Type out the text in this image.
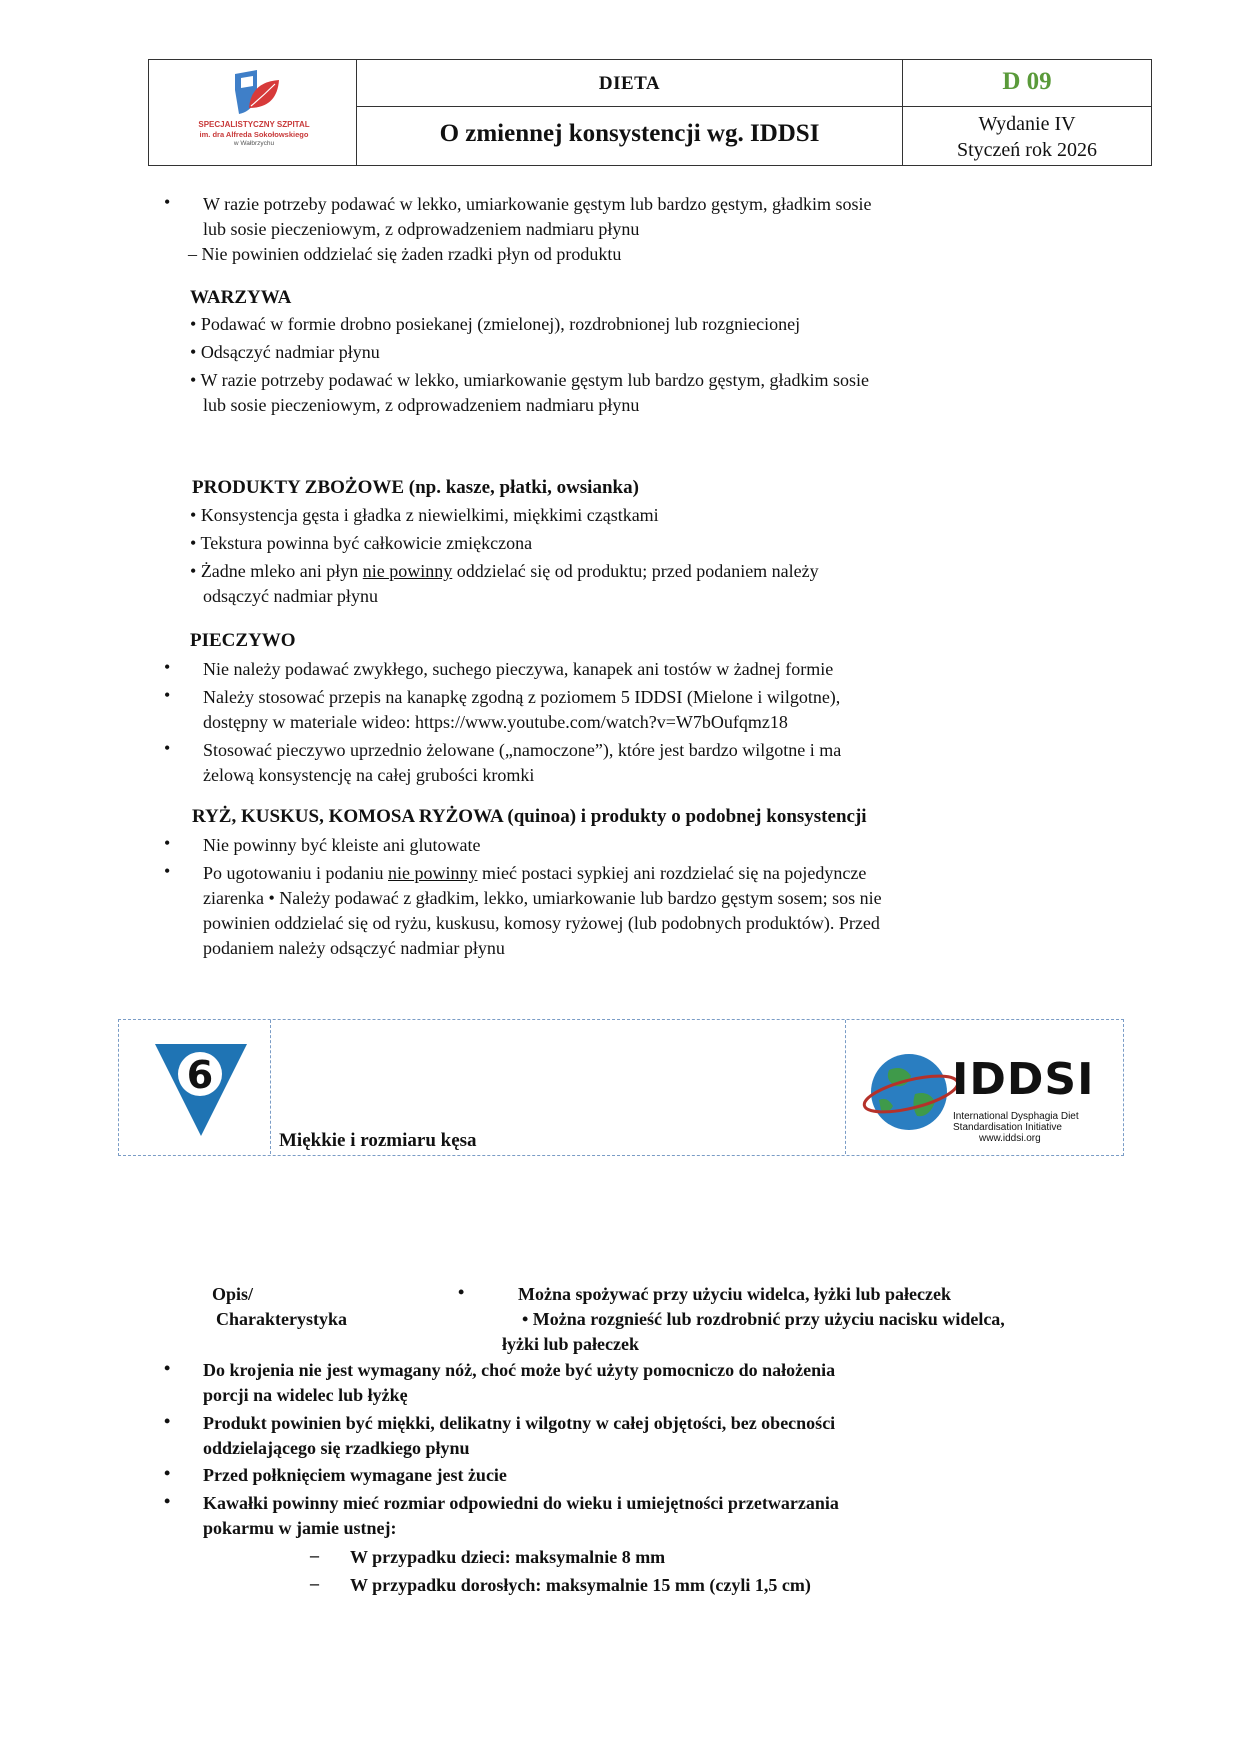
SPECJALISTYCZNY SZPITAL
im. dra Alfreda Sokołowskiego
w Wałbrzychu
DIETA
O zmiennej konsystencji wg. IDDSI
D 09
Wydanie IV
Styczeń rok 2026
• W razie potrzeby podawać w lekko, umiarkowanie gęstym lub bardzo gęstym, gładkim sosie
lub sosie pieczeniowym, z odprowadzeniem nadmiaru płynu
– Nie powinien oddzielać się żaden rzadki płyn od produktu
WARZYWA
• Podawać w formie drobno posiekanej (zmielonej), rozdrobnionej lub rozgniecionej
• Odsączyć nadmiar płynu
• W razie potrzeby podawać w lekko, umiarkowanie gęstym lub bardzo gęstym, gładkim sosie
lub sosie pieczeniowym, z odprowadzeniem nadmiaru płynu
PRODUKTY ZBOŻOWE (np. kasze, płatki, owsianka)
• Konsystencja gęsta i gładka z niewielkimi, miękkimi cząstkami
• Tekstura powinna być całkowicie zmiękczona
• Żadne mleko ani płyn nie powinny oddzielać się od produktu; przed podaniem należy
odsączyć nadmiar płynu
PIECZYWO
• Nie należy podawać zwykłego, suchego pieczywa, kanapek ani tostów w żadnej formie
• Należy stosować przepis na kanapkę zgodną z poziomem 5 IDDSI (Mielone i wilgotne),
dostępny w materiale wideo: https://www.youtube.com/watch?v=W7bOufqmz18
• Stosować pieczywo uprzednio żelowane („namoczone”), które jest bardzo wilgotne i ma
żelową konsystencję na całej grubości kromki
RYŻ, KUSKUS, KOMOSA RYŻOWA (quinoa) i produkty o podobnej konsystencji
• Nie powinny być kleiste ani glutowate
• Po ugotowaniu i podaniu nie powinny mieć postaci sypkiej ani rozdzielać się na pojedyncze
ziarenka • Należy podawać z gładkim, lekko, umiarkowanie lub bardzo gęstym sosem; sos nie
powinien oddzielać się od ryżu, kuskusu, komosy ryżowej (lub podobnych produktów). Przed
podaniem należy odsączyć nadmiar płynu
6
Miękkie i rozmiaru kęsa
IDDSI
International Dysphagia Diet
Standardisation Initiative
www.iddsi.org
Opis/
Charakterystyka
•	Można spożywać przy użyciu widelca, łyżki lub pałeczek
• Można rozgnieść lub rozdrobnić przy użyciu nacisku widelca,
łyżki lub pałeczek
• Do krojenia nie jest wymagany nóż, choć może być użyty pomocniczo do nałożenia
porcji na widelec lub łyżkę
• Produkt powinien być miękki, delikatny i wilgotny w całej objętości, bez obecności
oddzielającego się rzadkiego płynu
• Przed połknięciem wymagane jest żucie
• Kawałki powinny mieć rozmiar odpowiedni do wieku i umiejętności przetwarzania
pokarmu w jamie ustnej:
– W przypadku dzieci: maksymalnie 8 mm
– W przypadku dorosłych: maksymalnie 15 mm (czyli 1,5 cm)
